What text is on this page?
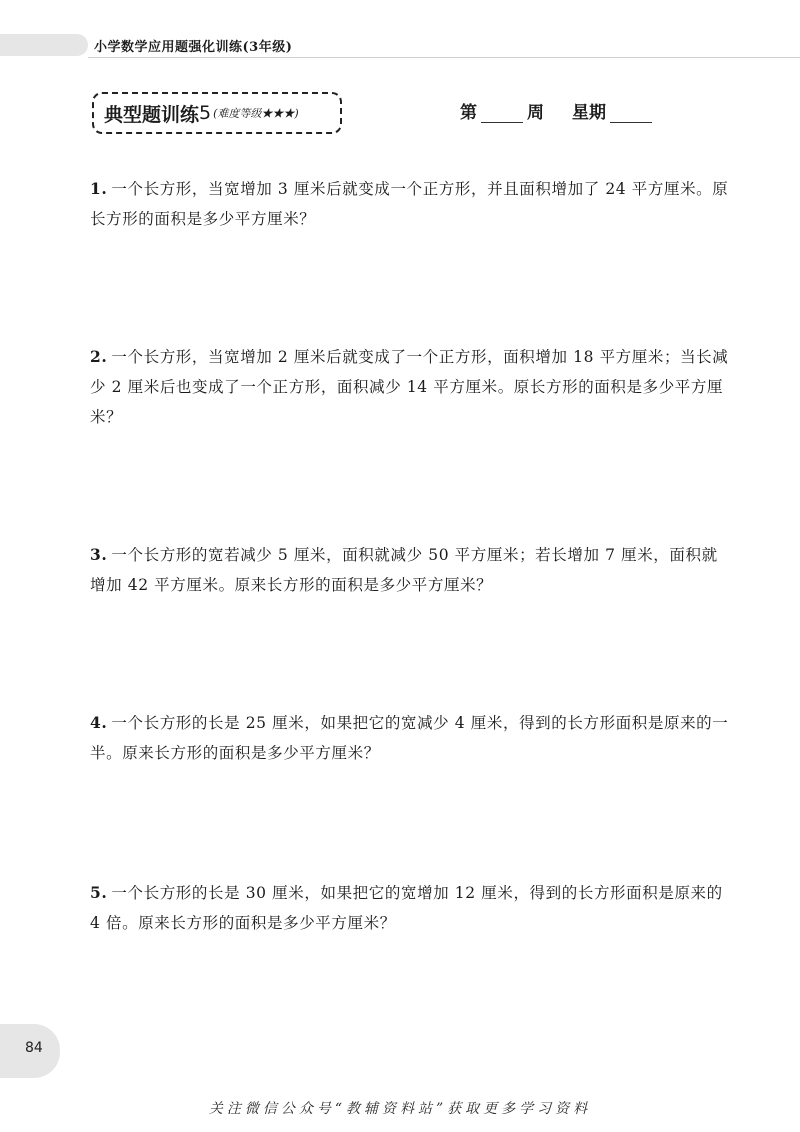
小学数学应用题强化训练(3年级)
典型题训练 5 (难度等级★★★)	第	周 星期
1. 一个长方形，当宽增加 3 厘米后就变成一个正方形，并且面积增加了 24 平方厘米。原长方形的面积是多少平方厘米？
2. 一个长方形，当宽增加 2 厘米后就变成了一个正方形，面积增加 18 平方厘米；当长减少 2 厘米后也变成了一个正方形，面积减少 14 平方厘米。原长方形的面积是多少平方厘米？
3. 一个长方形的宽若减少 5 厘米，面积就减少 50 平方厘米；若长增加 7 厘米，面积就增加 42 平方厘米。原来长方形的面积是多少平方厘米？
4. 一个长方形的长是 25 厘米，如果把它的宽减少 4 厘米，得到的长方形面积是原来的一半。原来长方形的面积是多少平方厘米？
5. 一个长方形的长是 30 厘米，如果把它的宽增加 12 厘米，得到的长方形面积是原来的 4 倍。原来长方形的面积是多少平方厘米？
84
关注微信公众号“教辅资料站”获取更多学习资料
